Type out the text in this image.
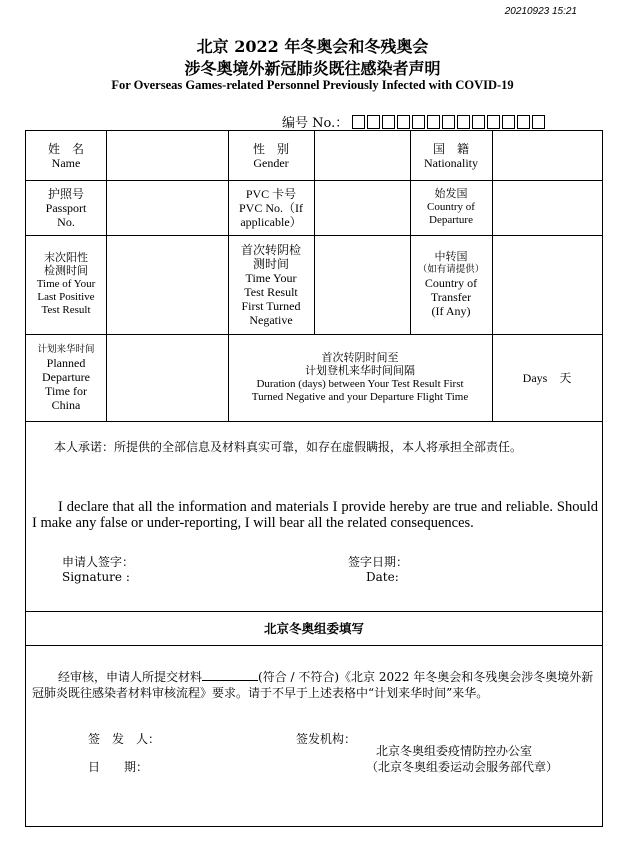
20210923 15:21
北京 2022 年冬奥会和冬残奥会
涉冬奥境外新冠肺炎既往感染者声明
For Overseas Games-related Personnel Previously Infected with COVID-19
编号 No.：
姓　名
Name
性　别
Gender
国　籍
Nationality
护照号
Passport
No.
PVC 卡号
PVC No.（If
applicable）
始发国
Country of
Departure
末次阳性
检测时间
Time of Your
Last Positive
Test Result
首次转阴检
测时间
Time Your
Test Result
First Turned
Negative
中转国
（如有请提供）
Country of
Transfer
(If Any)
计划来华时间
Planned
Departure
Time for
China
首次转阴时间至
计划登机来华时间间隔
Duration (days) between Your Test Result First
Turned Negative and your Departure Flight Time
Days　天
本人承诺：所提供的全部信息及材料真实可靠，如存在虚假瞒报，本人将承担全部责任。
I declare that all the information and materials I provide hereby are true and reliable. Should I make any false or under-reporting, I will bear all the related consequences.
申请人签字：
Signature :
签字日期：
Date:
北京冬奥组委填写
经审核，申请人所提交材料	(符合 / 不符合)《北京 2022 年冬奥会和冬残奥会涉冬奥境外新冠肺炎既往感染者材料审核流程》要求。请于不早于上述表格中“计划来华时间”来华。
签　发　人：
日　　期：
签发机构：
北京冬奥组委疫情防控办公室
（北京冬奥组委运动会服务部代章）
